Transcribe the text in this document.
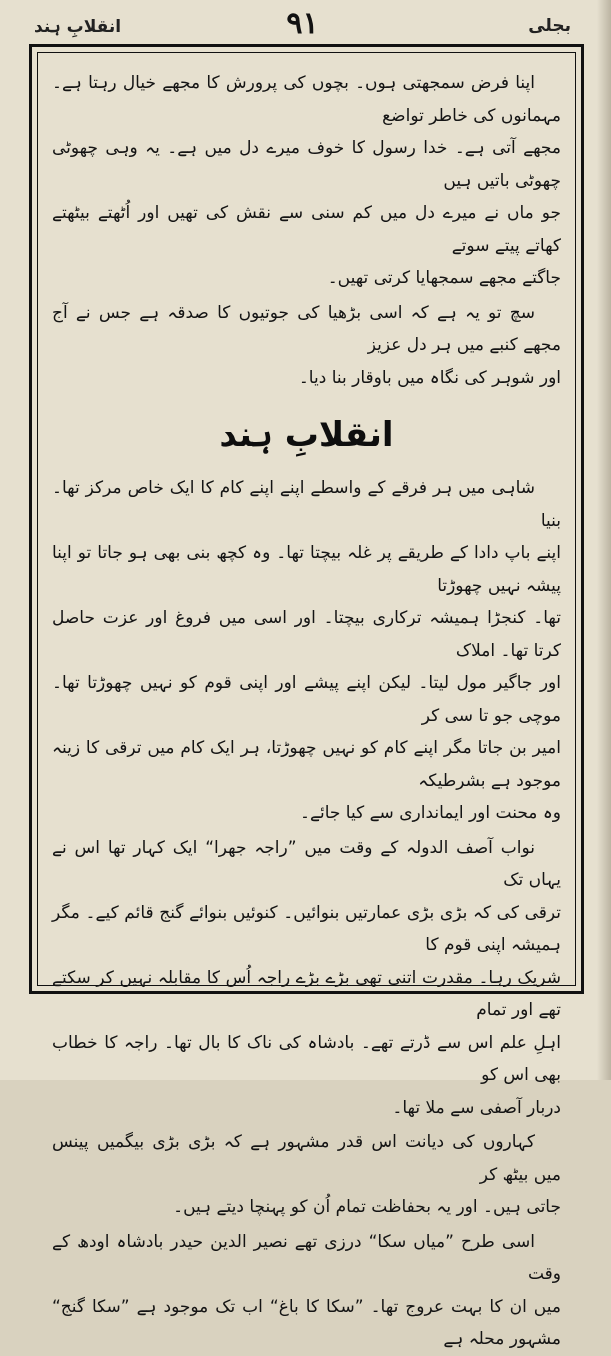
انقلابِ ہند	۹۱	بجلی

اپنا فرض سمجھتی ہوں۔ بچوں کی پرورش کا مجھے خیال رہتا ہے۔ مہمانوں کی خاطر تواضع
مجھے آتی ہے۔ خدا رسول کا خوف میرے دل میں ہے۔ یہ وہی چھوٹی چھوٹی باتیں ہیں
جو ماں نے میرے دل میں کم سنی سے نقش کی تھیں اور اُٹھتے بیٹھتے کھاتے پیتے سوتے
جاگتے مجھے سمجھایا کرتی تھیں۔

سچ تو یہ ہے کہ اسی بڑھیا کی جوتیوں کا صدقہ ہے جس نے آج مجھے کنبے میں ہر دل عزیز
اور شوہر کی نگاہ میں باوقار بنا دیا۔

انقلابِ ہند

شاہی میں ہر فرقے کے واسطے اپنے اپنے کام کا ایک خاص مرکز تھا۔ بنیا
اپنے باپ دادا کے طریقے پر غلہ بیچتا تھا۔ وہ کچھ بنی بھی ہو جاتا تو اپنا پیشہ نہیں چھوڑتا
تھا۔ کنجڑا ہمیشہ ترکاری بیچتا۔ اور اسی میں فروغ اور عزت حاصل کرتا تھا۔ املاک
اور جاگیر مول لیتا۔ لیکن اپنے پیشے اور اپنی قوم کو نہیں چھوڑتا تھا۔ موچی جو تا سی کر
امیر بن جاتا مگر اپنے کام کو نہیں چھوڑتا، ہر ایک کام میں ترقی کا زینہ موجود ہے بشرطیکہ
وہ محنت اور ایمانداری سے کیا جائے۔

نواب آصف الدولہ کے وقت میں ”راجہ جھرا“ ایک کہار تھا اس نے یہاں تک
ترقی کی کہ بڑی بڑی عمارتیں بنوائیں۔ کنوئیں بنوائے گنج قائم کیے۔ مگر ہمیشہ اپنی قوم کا
شریک رہا۔ مقدرت اتنی تھی بڑے بڑے راجہ اُس کا مقابلہ نہیں کر سکتے تھے اور تمام
اہلِ علم اس سے ڈرتے تھے۔ بادشاہ کی ناک کا بال تھا۔ راجہ کا خطاب بھی اس کو
دربار آصفی سے ملا تھا۔

کہاروں کی دیانت اس قدر مشہور ہے کہ بڑی بڑی بیگمیں پینس میں بیٹھ کر
جاتی ہیں۔ اور یہ بحفاظت تمام اُن کو پہنچا دیتے ہیں۔

اسی طرح ”میاں سکا“ درزی تھے نصیر الدین حیدر بادشاہ اودھ کے وقت
میں ان کا بہت عروج تھا۔ ”سکا کا باغ“ اب تک موجود ہے ”سکا گنج“ مشہور محلہ ہے
